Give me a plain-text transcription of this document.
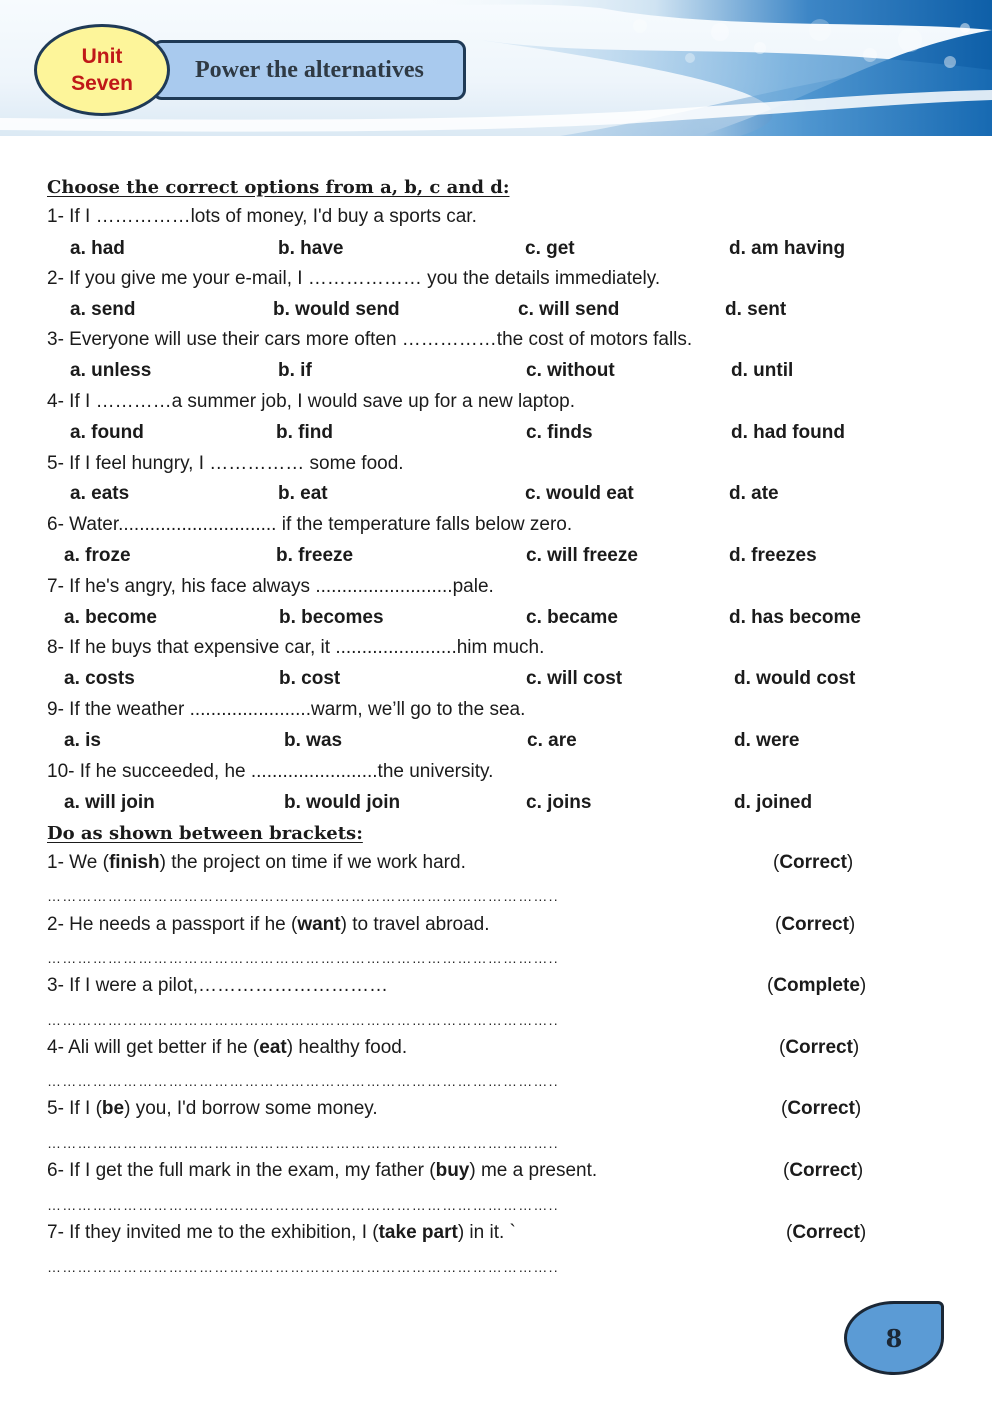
Power the alternatives
Unit
Seven
Choose the correct options from a, b, c and d:
1- If I ……………lots of money, I'd buy a sports car.
a. had	b. have	c. get	d. am having
2- If you give me your e-mail, I ……………… you the details immediately.
a. send	b. would send	c. will send	d. sent
3- Everyone will use their cars more often ……………the cost of motors falls.
a. unless	b. if	c. without	d. until
4- If I …………a summer job, I would save up for a new laptop.
a. found	b. find	c. finds	d. had found
5- If I feel hungry, I …………… some food.
a. eats	b. eat	c. would eat	d. ate
6- Water.............................. if the temperature falls below zero.
a. froze	b. freeze	c. will freeze	d. freezes
7- If he's angry, his face always ..........................pale.
a. become	b. becomes	c. became	d. has become
8- If he buys that expensive car, it .......................him much.
a. costs	b. cost	c. will cost	d. would cost
9- If the weather .......................warm, we’ll go to the sea.
a. is	b. was	c. are	d. were
10- If he succeeded, he ........................the university.
a. will join	b. would join	c. joins	d. joined
Do as shown between brackets:
1- We (finish) the project on time if we work hard.	(Correct)
………………………………………………………………………………………..
2- He needs a passport if he (want) to travel abroad.	(Correct)
………………………………………………………………………………………..
3- If I were a pilot,…………………………	(Complete)
………………………………………………………………………………………..
4- Ali will get better if he (eat) healthy food.	(Correct)
………………………………………………………………………………………..
5- If I (be) you, I'd borrow some money.	(Correct)
………………………………………………………………………………………..
6- If I get the full mark in the exam, my father (buy) me a present.	(Correct)
………………………………………………………………………………………..
7- If they invited me to the exhibition, I (take part) in it. `	(Correct)
………………………………………………………………………………………..
8
